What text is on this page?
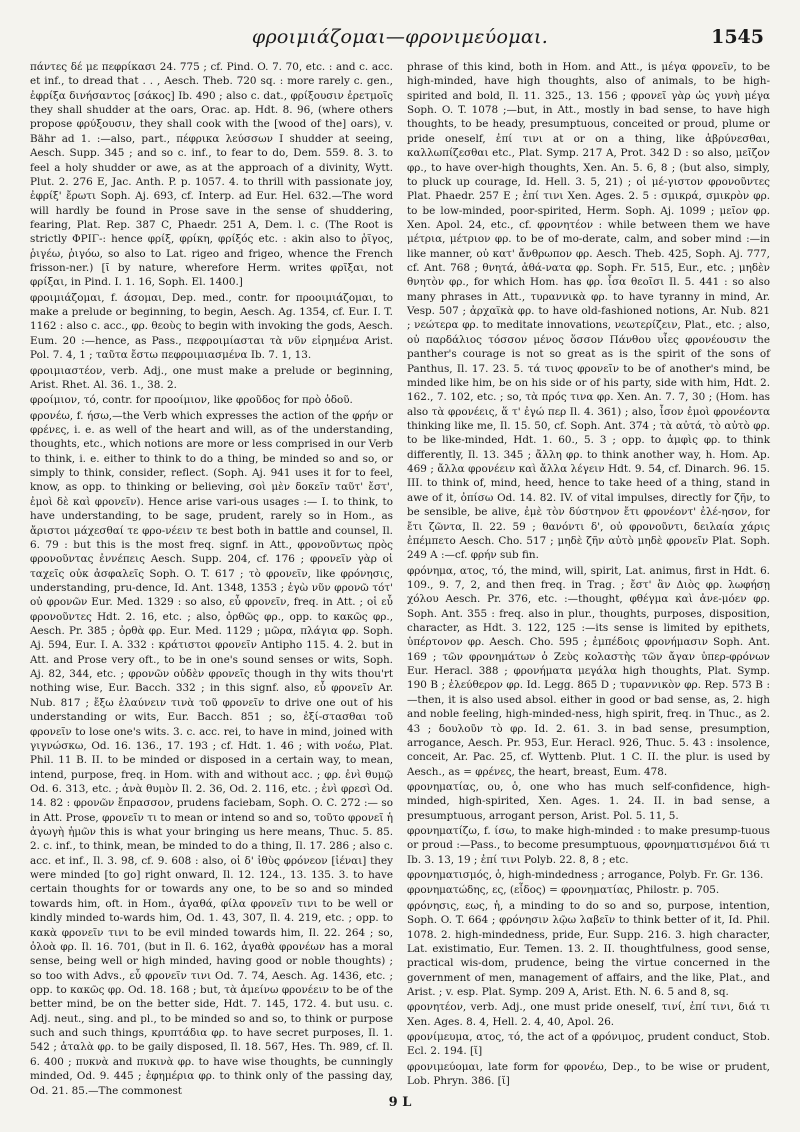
φρoιμιάζομαι—φρoνιμεύoμαι.	1545

πάντες δέ με πεφρίκασι 24. 775 ; cf. Pind. O. 7. 70, etc. : and c. acc. et inf., to dread that . . , Aesch. Theb. 720 sq. : more rarely c. gen., ἐφρίξα δινήσαντος [σάκος] Ib. 490 ; also c. dat., φρίξουσιν ἐρετμοῖς they shall shudder at the oars, Orac. ap. Hdt. 8. 96, (where others propose φρύξουσιν, they shall cook with the [wood of the] oars), v. Bähr ad 1. :—also, part., πέφρικα λεύσσων I shudder at seeing, Aesch. Supp. 345 ; and so c. inf., to fear to do, Dem. 559. 8. 3. to feel a holy shudder or awe, as at the approach of a divinity, Wytt. Plut. 2. 276 E, Jac. Anth. P. p. 1057. 4. to thrill with passionate joy, ἐφρίξ' ἔρωτι Soph. Aj. 693, cf. Interp. ad Eur. Hel. 632.—The word will hardly be found in Prose save in the sense of shuddering, fearing, Plat. Rep. 387 C, Phaedr. 251 A, Dem. l. c. (The Root is strictly ΦΡΙΓ-: hence φρίξ, φρίκη, φρίξός etc. : akin also to ῥῖγος, ῥιγέω, ῥιγόω, so also to Lat. rigeo and frigeo, whence the French frisson-ner.) [ῑ by nature, wherefore Herm. writes φρῖξαι, not φρίξαι, in Pind. I. 1. 16, Soph. El. 1400.]

φροιμιάζομαι, f. άσομαι, Dep. med., contr. for προοιμιάζομαι, to make a prelude or beginning, to begin, Aesch. Ag. 1354, cf. Eur. I. T. 1162 : also c. acc., φρ. θεοὺς to begin with invoking the gods, Aesch. Eum. 20 :—hence, as Pass., πεφροιμίασται τὰ νῦν εἰρημένα Arist. Pol. 7. 4, 1 ; ταῦτα ἔστω πεφροιμιασμένα Ib. 7. 1, 13.

φροιμιαστέον, verb. Adj., one must make a prelude or beginning, Arist. Rhet. Al. 36. 1., 38. 2.

φροίμιον, τό, contr. for προοίμιον, like φροῦδος for πρὸ ὁδοῦ.

φρονέω, f. ήσω,—the Verb which expresses the action of the φρήν or φρένες, i. e. as well of the heart and will, as of the understanding, thoughts, etc., which notions are more or less comprised in our Verb to think, i. e. either to think to do a thing, be minded so and so, or simply to think, consider, reflect. (Soph. Aj. 941 uses it for to feel, know, as opp. to thinking or believing, σοὶ μὲν δοκεῖν ταῦτ' ἔστ', ἐμοὶ δὲ καὶ φρονεῖν). Hence arise vari-ous usages :— I. to think, to have understanding, to be sage, prudent, rarely so in Hom., as ἄριστοι μάχεσθαί τε φρο-νέειν τε best both in battle and counsel, Il. 6. 79 : but this is the most freq. signf. in Att., φρονοῦντως πρὸς φρονοῦντας ἐννέπεις Aesch. Supp. 204, cf. 176 ; φρονεῖν γὰρ οἱ ταχεῖς οὐκ ἀσφαλεῖς Soph. O. T. 617 ; τὸ φρονεῖν, like φρόνησις, understanding, pru-dence, Id. Ant. 1348, 1353 ; ἐγὼ νῦν φρονῶ τότ' οὐ φρονῶν Eur. Med. 1329 : so also, εὖ φρονεῖν, freq. in Att. ; οἱ εὖ φρονοῦντες Hdt. 2. 16, etc. ; also, ὀρθῶς φρ., opp. to κακῶς φρ., Aesch. Pr. 385 ; ὀρθὰ φρ. Eur. Med. 1129 ; μῶρα, πλάγια φρ. Soph. Aj. 594, Eur. I. A. 332 : κράτιστοι φρονεῖν Antipho 115. 4. 2. but in Att. and Prose very oft., to be in one's sound senses or wits, Soph. Aj. 82, 344, etc. ; φρονῶν οὐδὲν φρονεῖς though in thy wits thou'rt nothing wise, Eur. Bacch. 332 ; in this signf. also, εὖ φρονεῖν Ar. Nub. 817 ; ἔξω ἐλαύνειν τινὰ τοῦ φρονεῖν to drive one out of his understanding or wits, Eur. Bacch. 851 ; so, ἐξί-στασθαι τοῦ φρονεῖν to lose one's wits. 3. c. acc. rei, to have in mind, joined with γιγνώσκω, Od. 16. 136., 17. 193 ; cf. Hdt. 1. 46 ; with νοέω, Plat. Phil. 11 B. II. to be minded or disposed in a certain way, to mean, intend, purpose, freq. in Hom. with and without acc. ; φρ. ἐνὶ θυμῷ Od. 6. 313, etc. ; ἀνὰ θυμὸν Il. 2. 36, Od. 2. 116, etc. ; ἐνὶ φρεσὶ Od. 14. 82 : φρονῶν ἔπρασσον, prudens faciebam, Soph. O. C. 272 :— so in Att. Prose, φρονεῖν τι to mean or intend so and so, τοῦτο φρονεῖ ἡ ἀγωγὴ ἡμῶν this is what your bringing us here means, Thuc. 5. 85. 2. c. inf., to think, mean, be minded to do a thing, Il. 17. 286 ; also c. acc. et inf., Il. 3. 98, cf. 9. 608 : also, οἱ δ' ἰθὺς φρόνεον [ἰέναι] they were minded [to go] right onward, Il. 12. 124., 13. 135. 3. to have certain thoughts for or towards any one, to be so and so minded towards him, oft. in Hom., ἀγαθά, φίλα φρονεῖν τινι to be well or kindly minded to-wards him, Od. 1. 43, 307, Il. 4. 219, etc. ; opp. to κακὰ φρονεῖν τινι to be evil minded towards him, Il. 22. 264 ; so, ὀλοὰ φρ. Il. 16. 701, (but in Il. 6. 162, ἀγαθὰ φρονέων has a moral sense, being well or high minded, having good or noble thoughts) ; so too with Advs., εὖ φρονεῖν τινι Od. 7. 74, Aesch. Ag. 1436, etc. ; opp. to κακῶς φρ. Od. 18. 168 ; but, τὰ ἀμείνω φρονέειν to be of the better mind, be on the better side, Hdt. 7. 145, 172. 4. but usu. c. Adj. neut., sing. and pl., to be minded so and so, to think or purpose such and such things, κρυπτάδια φρ. to have secret purposes, Il. 1. 542 ; ἀταλὰ φρ. to be gaily disposed, Il. 18. 567, Hes. Th. 989, cf. Il. 6. 400 ; πυκνὰ and πυκινὰ φρ. to have wise thoughts, be cunningly minded, Od. 9. 445 ; ἐφημέρια φρ. to think only of the passing day, Od. 21. 85.—The commonest

phrase of this kind, both in Hom. and Att., is μέγα φρονεῖν, to be high-minded, have high thoughts, also of animals, to be high-spirited and bold, Il. 11. 325., 13. 156 ; φρονεῖ γὰρ ὡς γυνὴ μέγα Soph. O. T. 1078 ;—but, in Att., mostly in bad sense, to have high thoughts, to be heady, presumptuous, conceited or proud, plume or pride oneself, ἐπί τινι at or on a thing, like ἁβρύνεσθαι, καλλωπίζεσθαι etc., Plat. Symp. 217 A, Prot. 342 D : so also, μεῖζον φρ., to have over-high thoughts, Xen. An. 5. 6, 8 ; (but also, simply, to pluck up courage, Id. Hell. 3. 5, 21) ; οἱ μέ-γιστον φρονοῦντες Plat. Phaedr. 257 E ; ἐπί τινι Xen. Ages. 2. 5 : σμικρά, σμικρὸν φρ. to be low-minded, poor-spirited, Herm. Soph. Aj. 1099 ; μεῖον φρ. Xen. Apol. 24, etc., cf. φρονητέον : while between them we have μέτρια, μέτριον φρ. to be of mo-derate, calm, and sober mind :—in like manner, οὐ κατ' ἄνθρωπον φρ. Aesch. Theb. 425, Soph. Aj. 777, cf. Ant. 768 ; θνητά, ἀθά-νατα φρ. Soph. Fr. 515, Eur., etc. ; μηδὲν θνητὸν φρ., for which Hom. has φρ. ἶσα θεοῖσι Il. 5. 441 : so also many phrases in Att., τυραννικὰ φρ. to have tyranny in mind, Ar. Vesp. 507 ; ἀρχαϊκὰ φρ. to have old-fashioned notions, Ar. Nub. 821 ; νεώτερα φρ. to meditate innovations, νεωτερίζειν, Plat., etc. ; also, οὐ παρδάλιος τόσσον μένος ὅσσον Πάνθου υἷες φρονέουσιν the panther's courage is not so great as is the spirit of the sons of Panthus, Il. 17. 23. 5. τά τινος φρονεῖν to be of another's mind, be minded like him, be on his side or of his party, side with him, Hdt. 2. 162., 7. 102, etc. ; so, τὰ πρός τινα φρ. Xen. An. 7. 7, 30 ; (Hom. has also τὰ φρονέεις, ἅ τ' ἐγώ περ Il. 4. 361) ; also, ἶσον ἐμοὶ φρονέοντα thinking like me, Il. 15. 50, cf. Soph. Ant. 374 ; τὰ αὐτά, τὸ αὐτὸ φρ. to be like-minded, Hdt. 1. 60., 5. 3 ; opp. to ἀμφὶς φρ. to think differently, Il. 13. 345 ; ἄλλη φρ. to think another way, h. Hom. Ap. 469 ; ἄλλα φρονέειν καὶ ἄλλα λέγειν Hdt. 9. 54, cf. Dinarch. 96. 15. III. to think of, mind, heed, hence to take heed of a thing, stand in awe of it, ὀπίσω Od. 14. 82. IV. of vital impulses, directly for ζῆν, to be sensible, be alive, ἐμὲ τὸν δύστηνον ἔτι φρονέοντ' ἐλέ-ησον, for ἔτι ζῶντα, Il. 22. 59 ; θανόντι δ', οὐ φρονοῦντι, δειλαία χάρις ἐπέμπετο Aesch. Cho. 517 ; μηδὲ ζῆν αὐτὸ μηδὲ φρονεῖν Plat. Soph. 249 A :—cf. φρήν sub fin.

φρόνημα, ατος, τό, the mind, will, spirit, Lat. animus, first in Hdt. 6. 109., 9. 7, 2, and then freq. in Trag. ; ἔστ' ἂν Διὸς φρ. λωφήσῃ χόλου Aesch. Pr. 376, etc. :—thought, φθέγμα καὶ ἀνε-μόεν φρ. Soph. Ant. 355 : freq. also in plur., thoughts, purposes, disposition, character, as Hdt. 3. 122, 125 :—its sense is limited by epithets, ὑπέρτονον φρ. Aesch. Cho. 595 ; ἐμπέδοις φρονήμασιν Soph. Ant. 169 ; τῶν φρονημάτων ὁ Ζεὺς κολαστὴς τῶν ἄγαν ὑπερ-φρόνων Eur. Heracl. 388 ; φρονήματα μεγάλα high thoughts, Plat. Symp. 190 B ; ἐλεύθερον φρ. Id. Legg. 865 D ; τυραννικὸν φρ. Rep. 573 B :—then, it is also used absol. either in good or bad sense, as, 2. high and noble feeling, high-minded-ness, high spirit, freq. in Thuc., as 2. 43 ; δουλοῦν τὸ φρ. Id. 2. 61. 3. in bad sense, presumption, arrogance, Aesch. Pr. 953, Eur. Heracl. 926, Thuc. 5. 43 : insolence, conceit, Ar. Pac. 25, cf. Wyttenb. Plut. 1 C. II. the plur. is used by Aesch., as = φρένες, the heart, breast, Eum. 478.

φρονηματίας, ου, ὁ, one who has much self-confidence, high-minded, high-spirited, Xen. Ages. 1. 24. II. in bad sense, a presumptuous, arrogant person, Arist. Pol. 5. 11, 5.

φρονηματίζω, f. ίσω, to make high-minded : to make presump-tuous or proud :—Pass., to become presumptuous, φρονηματισμένοι διά τι Ib. 3. 13, 19 ; ἐπί τινι Polyb. 22. 8, 8 ; etc.

φρονηματισμός, ὁ, high-mindedness ; arrogance, Polyb. Fr. Gr. 136.

φρονηματώδης, ες, (εἶδος) = φρονηματίας, Philostr. p. 705.

φρόνησις, εως, ἡ, a minding to do so and so, purpose, intention, Soph. O. T. 664 ; φρόνησιν λῷω λαβεῖν to think better of it, Id. Phil. 1078. 2. high-mindedness, pride, Eur. Supp. 216. 3. high character, Lat. existimatio, Eur. Temen. 13. 2. II. thoughtfulness, good sense, practical wis-dom, prudence, being the virtue concerned in the government of men, management of affairs, and the like, Plat., and Arist. ; v. esp. Plat. Symp. 209 A, Arist. Eth. N. 6. 5 and 8, sq.

φρονητέον, verb. Adj., one must pride oneself, τινί, ἐπί τινι, διά τι Xen. Ages. 8. 4, Hell. 2. 4, 40, Apol. 26.

φρονίμευμα, ατος, τό, the act of a φρόνιμος, prudent conduct, Stob. Ecl. 2. 194. [ῐ]

φρονιμεύομαι, late form for φρονέω, Dep., to be wise or prudent, Lob. Phryn. 386. [ῐ]

9 L
